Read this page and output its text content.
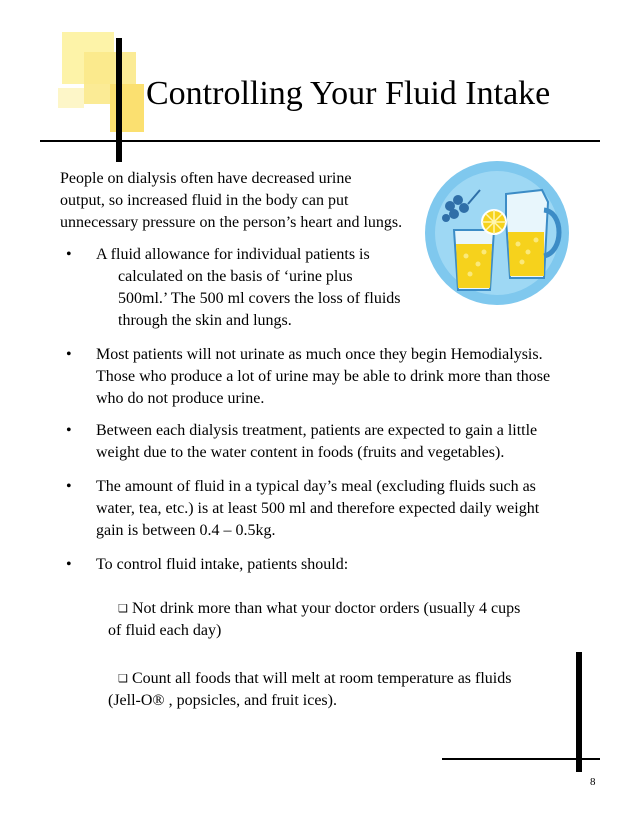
Controlling Your Fluid Intake
People on dialysis often have decreased urine
output, so increased fluid in the body can put
unnecessary pressure on the person’s heart and lungs.
• A fluid allowance for individual patients is
calculated on the basis of ‘urine plus
500ml.’ The 500 ml covers the loss of fluids
through the skin and lungs.
• Most patients will not urinate as much once they begin Hemodialysis.
Those who produce a lot of urine may be able to drink more than those
who do not produce urine.
• Between each dialysis treatment, patients are expected to gain a little
weight due to the water content in foods (fruits and vegetables).
• The amount of fluid in a typical day’s meal (excluding fluids such as
water, tea, etc.) is at least 500 ml and therefore expected daily weight
gain is between 0.4 – 0.5kg.
• To control fluid intake, patients should:
❑ Not drink more than what your doctor orders (usually 4 cups
of fluid each day)
❑ Count all foods that will melt at room temperature as fluids
(Jell-O® , popsicles, and fruit ices).
8
